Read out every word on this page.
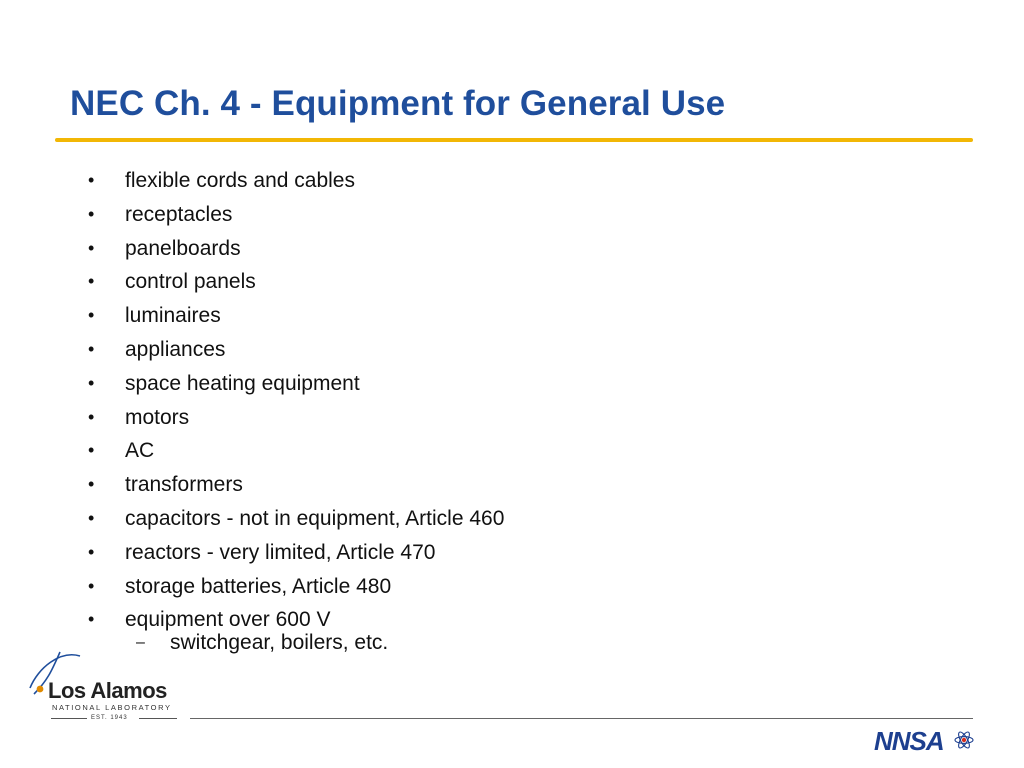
NEC Ch. 4 - Equipment for General Use
• flexible cords and cables
• receptacles
• panelboards
• control panels
• luminaires
• appliances
• space heating equipment
• motors
• AC
• transformers
• capacitors - not in equipment, Article 460
• reactors - very limited, Article 470
• storage batteries, Article 480
• equipment over 600 V
– switchgear, boilers, etc.
Los Alamos
NATIONAL LABORATORY
EST. 1943
NNSA
